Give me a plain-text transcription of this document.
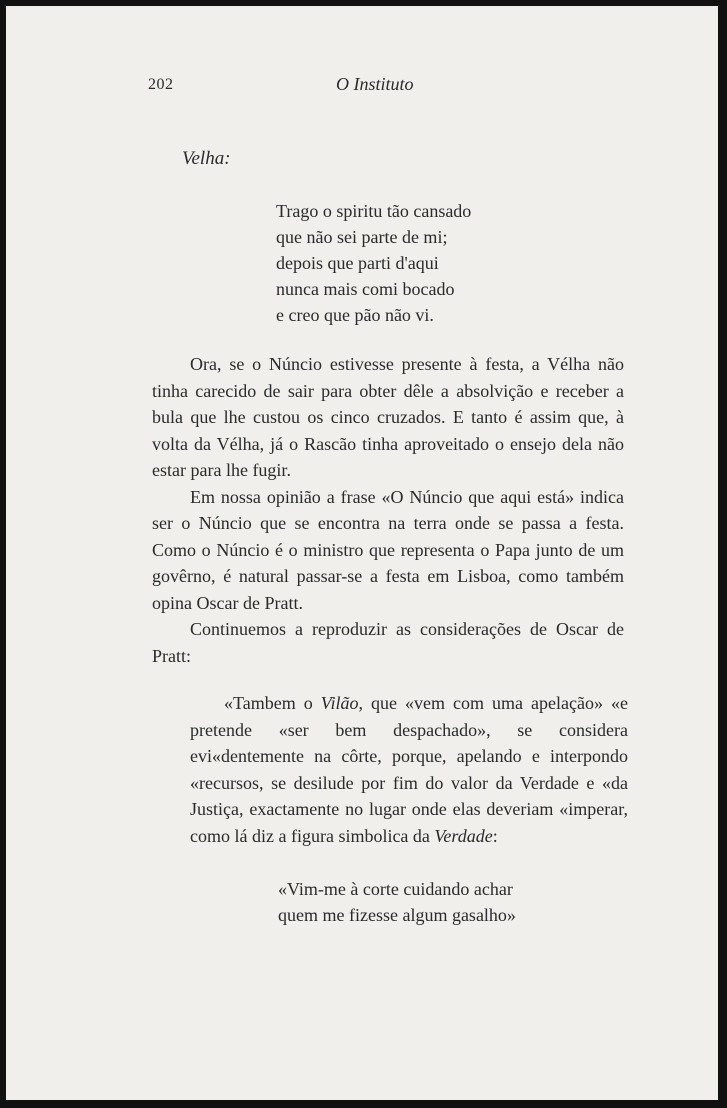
202	O Instituto
Velha:
Trago o spiritu tão cansado
que não sei parte de mi;
depois que parti d'aqui
nunca mais comi bocado
e creo que pão não vi.

Ora, se o Núncio estivesse presente à festa, a Vélha não tinha carecido de sair para obter dêle a absolvição e receber a bula que lhe custou os cinco cruzados. E tanto é assim que, à volta da Vélha, já o Rascão tinha aproveitado o ensejo dela não estar para lhe fugir.

Em nossa opinião a frase «O Núncio que aqui está» indica ser o Núncio que se encontra na terra onde se passa a festa. Como o Núncio é o ministro que representa o Papa junto de um govêrno, é natural passar-se a festa em Lisboa, como também opina Oscar de Pratt.

Continuemos a reproduzir as considerações de Oscar de Pratt:

«Tambem o Vilão, que «vem com uma apelação» «e pretende «ser bem despachado», se considera evi«dentemente na côrte, porque, apelando e interpondo «recursos, se desilude por fim do valor da Verdade e «da Justiça, exactamente no lugar onde elas deveriam «imperar, como lá diz a figura simbolica da Verdade:

«Vim-me à corte cuidando achar
quem me fizesse algum gasalho»
